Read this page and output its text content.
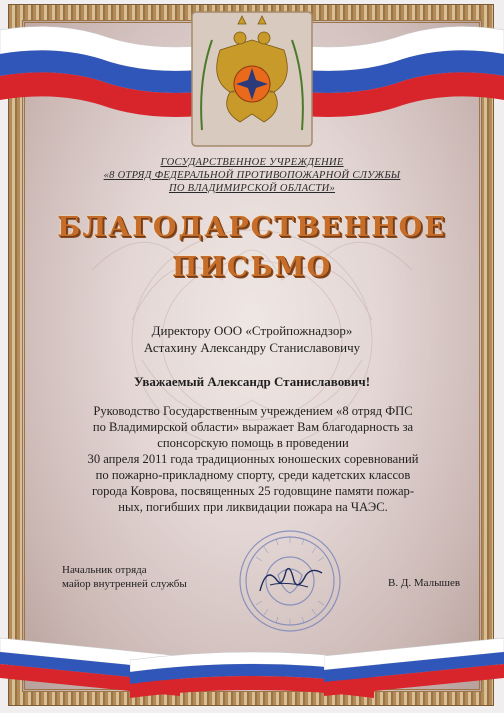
ГОСУДАРСТВЕННОЕ УЧРЕЖДЕНИЕ
«8 ОТРЯД ФЕДЕРАЛЬНОЙ ПРОТИВОПОЖАРНОЙ СЛУЖБЫ
ПО ВЛАДИМИРСКОЙ ОБЛАСТИ»
БЛАГОДАРСТВЕННОЕ
ПИСЬМО
Директору ООО «Стройпожнадзор»
Астахину Александру Станиславовичу
Уважаемый Александр Станиславович!
Руководство Государственным учреждением «8 отряд ФПС
по Владимирской области» выражает Вам благодарность за
спонсорскую помощь в проведении
30 апреля 2011 года традиционных юношеских соревнований
по пожарно-прикладному спорту, среди кадетских классов
города Коврова, посвященных 25 годовщине памяти пожар-
ных, погибших при ликвидации пожара на ЧАЭС.
Начальник отряда
майор внутренней службы	В. Д. Малышев
